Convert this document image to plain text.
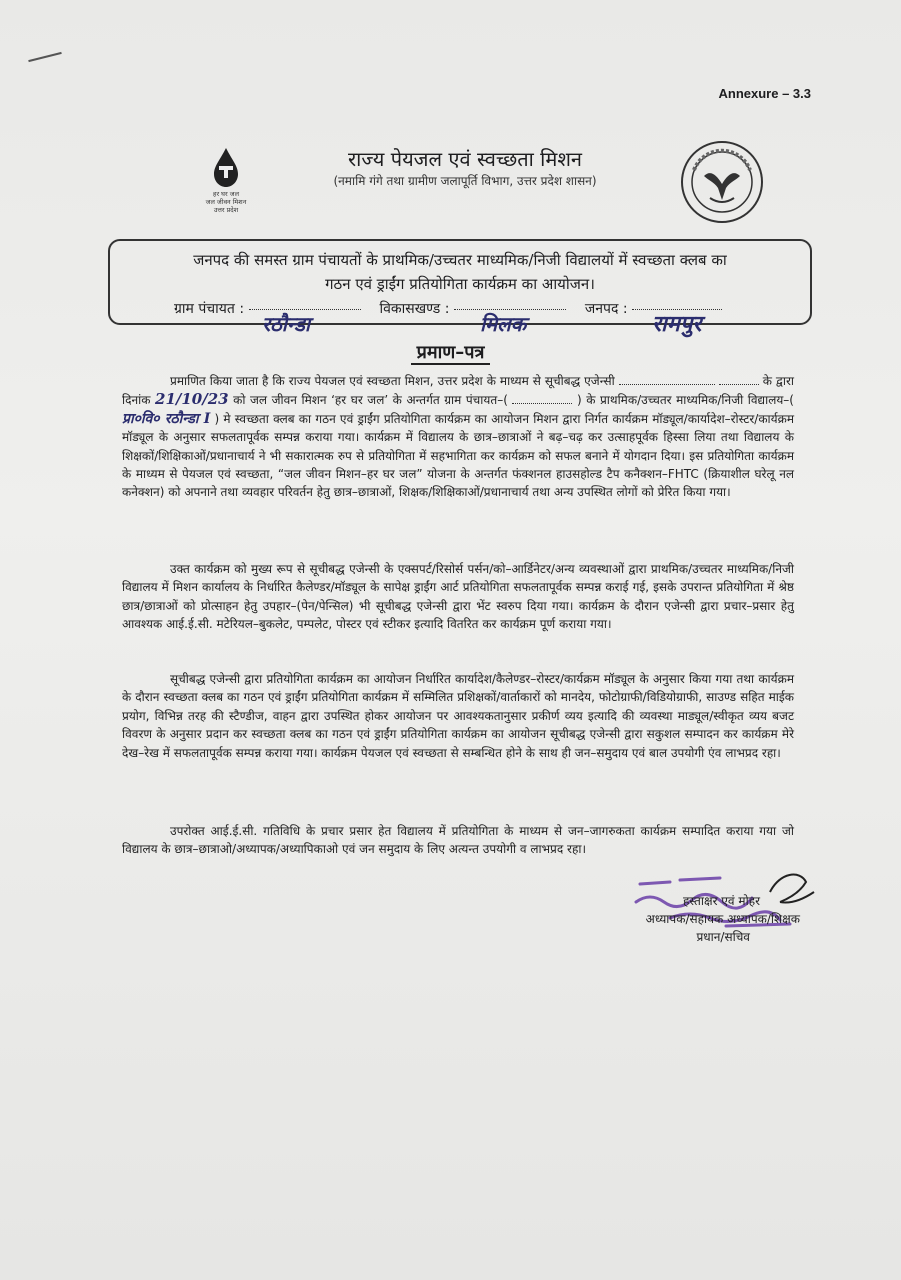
Annexure – 3.3
हर घर जल
जल जीवन मिशन
उत्तर प्रदेश
राज्य पेयजल एवं स्वच्छता मिशन
(नमामि गंगे तथा ग्रामीण जलापूर्ति विभाग, उत्तर प्रदेश शासन)
जनपद की समस्त ग्राम पंचायतों के प्राथमिक/उच्चतर माध्यमिक/निजी विद्यालयों में स्वच्छता क्लब का
गठन एवं ड्राईंग प्रतियोगिता कार्यक्रम का आयोजन।
ग्राम पंचायत :	विकासखण्ड :	जनपद :
रठौन्डा	मिलक	रामपुर
प्रमाण–पत्र
प्रमाणित किया जाता है कि राज्य पेयजल एवं स्वच्छता मिशन, उत्तर प्रदेश के माध्यम से सूचीबद्ध एजेन्सी	के द्वारा दिनांक 21/10/23 को जल जीवन मिशन ‘हर घर जल’ के अन्तर्गत ग्राम पंचायत–(	) के प्राथमिक/उच्चतर माध्यमिक/निजी विद्यालय–( प्रा०वि० रठौन्डा I ) मे स्वच्छता क्लब का गठन एवं ड्राईंग प्रतियोगिता कार्यक्रम का आयोजन मिशन द्वारा निर्गत कार्यक्रम मॉड्यूल/कार्यादेश–रोस्टर/कार्यक्रम मॉड्यूल के अनुसार सफलतापूर्वक सम्पन्न कराया गया। कार्यक्रम में विद्यालय के छात्र–छात्राओं ने बढ़–चढ़ कर उत्साहपूर्वक हिस्सा लिया तथा विद्यालय के शिक्षकों/शिक्षिकाओं/प्रधानाचार्य ने भी सकारात्मक रुप से प्रतियोगिता में सहभागिता कर कार्यक्रम को सफल बनाने में योगदान दिया। इस प्रतियोगिता कार्यक्रम के माध्यम से पेयजल एवं स्वच्छता, “जल जीवन मिशन–हर घर जल” योजना के अन्तर्गत फंक्शनल हाउसहोल्ड टैप कनैक्शन–FHTC (क्रियाशील घरेलू नल कनेक्शन) को अपनाने तथा व्यवहार परिवर्तन हेतु छात्र–छात्राओं, शिक्षक/शिक्षिकाओं/प्रधानाचार्य तथा अन्य उपस्थित लोगों को प्रेरित किया गया।
उक्त कार्यक्रम को मुख्य रूप से सूचीबद्ध एजेन्सी के एक्सपर्ट/रिसोर्स पर्सन/को–आर्डिनेटर/अन्य व्यवस्थाओं द्वारा प्राथमिक/उच्चतर माध्यमिक/निजी विद्यालय में मिशन कार्यालय के निर्धारित कैलेण्डर/मॉड्यूल के सापेक्ष ड्राईंग आर्ट प्रतियोगिता सफलतापूर्वक सम्पन्न कराई गई, इसके उपरान्त प्रतियोगिता में श्रेष्ठ छात्र/छात्राओं को प्रोत्साहन हेतु उपहार–(पेन/पेन्सिल) भी सूचीबद्ध एजेन्सी द्वारा भेंट स्वरुप दिया गया। कार्यक्रम के दौरान एजेन्सी द्वारा प्रचार–प्रसार हेतु आवश्यक आई.ई.सी. मटेरियल–बुकलेट, पम्पलेट, पोस्टर एवं स्टीकर इत्यादि वितरित कर कार्यक्रम पूर्ण कराया गया।
सूचीबद्ध एजेन्सी द्वारा प्रतियोगिता कार्यक्रम का आयोजन निर्धारित कार्यादेश/कैलेण्डर–रोस्टर/कार्यक्रम मॉड्यूल के अनुसार किया गया तथा कार्यक्रम के दौरान स्वच्छता क्लब का गठन एवं ड्राईंग प्रतियोगिता कार्यक्रम में सम्मिलित प्रशिक्षकों/वार्ताकारों को मानदेय, फोटोग्राफी/विडियोग्राफी, साउण्ड सहित माईक प्रयोग, विभिन्न तरह की स्टैण्डीज, वाहन द्वारा उपस्थित होकर आयोजन पर आवश्यकतानुसार प्रकीर्ण व्यय इत्यादि की व्यवस्था माड्यूल/स्वीकृत व्यय बजट विवरण के अनुसार प्रदान कर स्वच्छता क्लब का गठन एवं ड्राईंग प्रतियोगिता कार्यक्रम का आयोजन सूचीबद्ध एजेन्सी द्वारा सकुशल सम्पादन कर कार्यक्रम मेरे देख–रेख में सफलतापूर्वक सम्पन्न कराया गया। कार्यक्रम पेयजल एवं स्वच्छता से सम्बन्धित होने के साथ ही जन–समुदाय एवं बाल उपयोगी एंव लाभप्रद रहा।
उपरोक्त आई.ई.सी. गतिविधि के प्रचार प्रसार हेत विद्यालय में प्रतियोगिता के माध्यम से जन–जागरुकता कार्यक्रम सम्पादित कराया गया जो विद्यालय के छात्र–छात्राओ/अध्यापक/अध्यापिकाओ एवं जन समुदाय के लिए अत्यन्त उपयोगी व लाभप्रद रहा।
हस्ताक्षर एवं मोहर
अध्यापक/सहायक अध्यापक/शिक्षक
प्रधान/सचिव
